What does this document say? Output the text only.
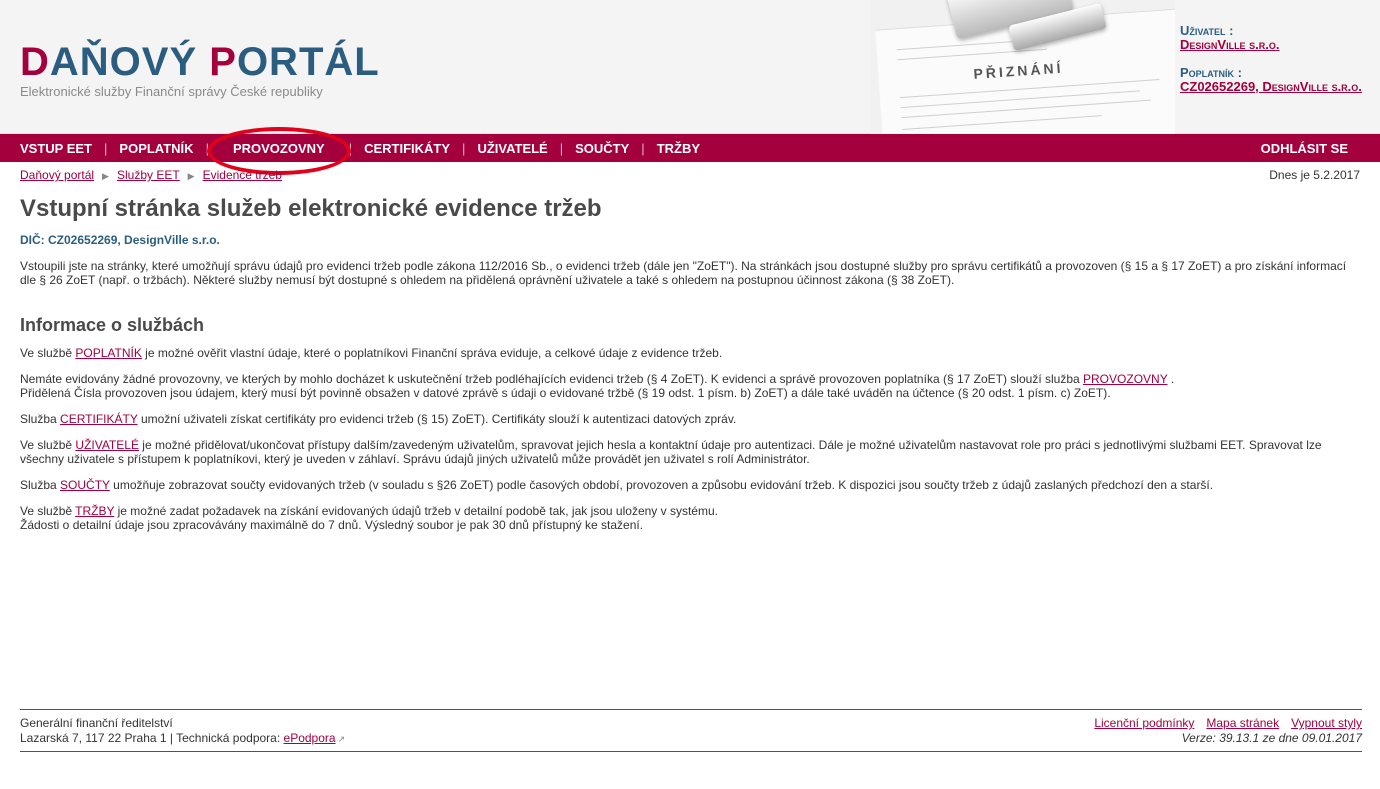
DAŇOVÝ PORTÁL
Elektronické služby Finanční správy České republiky
PŘIZNÁNÍ
Uživatel :
DesignVille s.r.o.
Poplatník :
CZ02652269, DesignVille s.r.o.
VSTUP EET | POPLATNÍK |	PROVOZOVNY	| CERTIFIKÁTY | UŽIVATELÉ | SOUČTY | TRŽBY	ODHLÁSIT SE
Daňový portál ▶ Služby EET ▶ Evidence tržeb	Dnes je 5.2.2017
Vstupní stránka služeb elektronické evidence tržeb
DIČ: CZ02652269, DesignVille s.r.o.
Vstoupili jste na stránky, které umožňují správu údajů pro evidenci tržeb podle zákona 112/2016 Sb., o evidenci tržeb (dále jen "ZoET"). Na stránkách jsou dostupné služby pro správu certifikátů a provozoven (§ 15 a § 17 ZoET) a pro získání informací dle § 26 ZoET (např. o tržbách). Některé služby nemusí být dostupné s ohledem na přidělená oprávnění uživatele a také s ohledem na postupnou účinnost zákona (§ 38 ZoET).
Informace o službách

Ve službě POPLATNÍK je možné ověřit vlastní údaje, které o poplatníkovi Finanční správa eviduje, a celkové údaje z evidence tržeb.

Nemáte evidovány žádné provozovny, ve kterých by mohlo docházet k uskutečnění tržeb podléhajících evidenci tržeb (§ 4 ZoET). K evidenci a správě provozoven poplatníka (§ 17 ZoET) slouží služba PROVOZOVNY .
Přidělená Čísla provozoven jsou údajem, který musí být povinně obsažen v datové zprávě s údaji o evidované tržbě (§ 19 odst. 1 písm. b) ZoET) a dále také uváděn na účtence (§ 20 odst. 1 písm. c) ZoET).

Služba CERTIFIKÁTY umožní uživateli získat certifikáty pro evidenci tržeb (§ 15) ZoET). Certifikáty slouží k autentizaci datových zpráv.

Ve službě UŽIVATELÉ je možné přidělovat/ukončovat přístupy dalším/zavedeným uživatelům, spravovat jejich hesla a kontaktní údaje pro autentizaci. Dále je možné uživatelům nastavovat role pro práci s jednotlivými službami EET. Spravovat lze všechny uživatele s přístupem k poplatníkovi, který je uveden v záhlaví. Správu údajů jiných uživatelů může provádět jen uživatel s rolí Administrátor.

Služba SOUČTY umožňuje zobrazovat součty evidovaných tržeb (v souladu s §26 ZoET) podle časových období, provozoven a způsobu evidování tržeb. K dispozici jsou součty tržeb z údajů zaslaných předchozí den a starší.

Ve službě TRŽBY je možné zadat požadavek na získání evidovaných údajů tržeb v detailní podobě tak, jak jsou uloženy v systému.
Žádosti o detailní údaje jsou zpracovávány maximálně do 7 dnů. Výsledný soubor je pak 30 dnů přístupný ke stažení.

Generální finanční ředitelství
Lazarská 7, 117 22 Praha 1 | Technická podpora: ePodpora ↗
Licenční podmínky Mapa stránek Vypnout styly
Verze: 39.13.1 ze dne 09.01.2017
